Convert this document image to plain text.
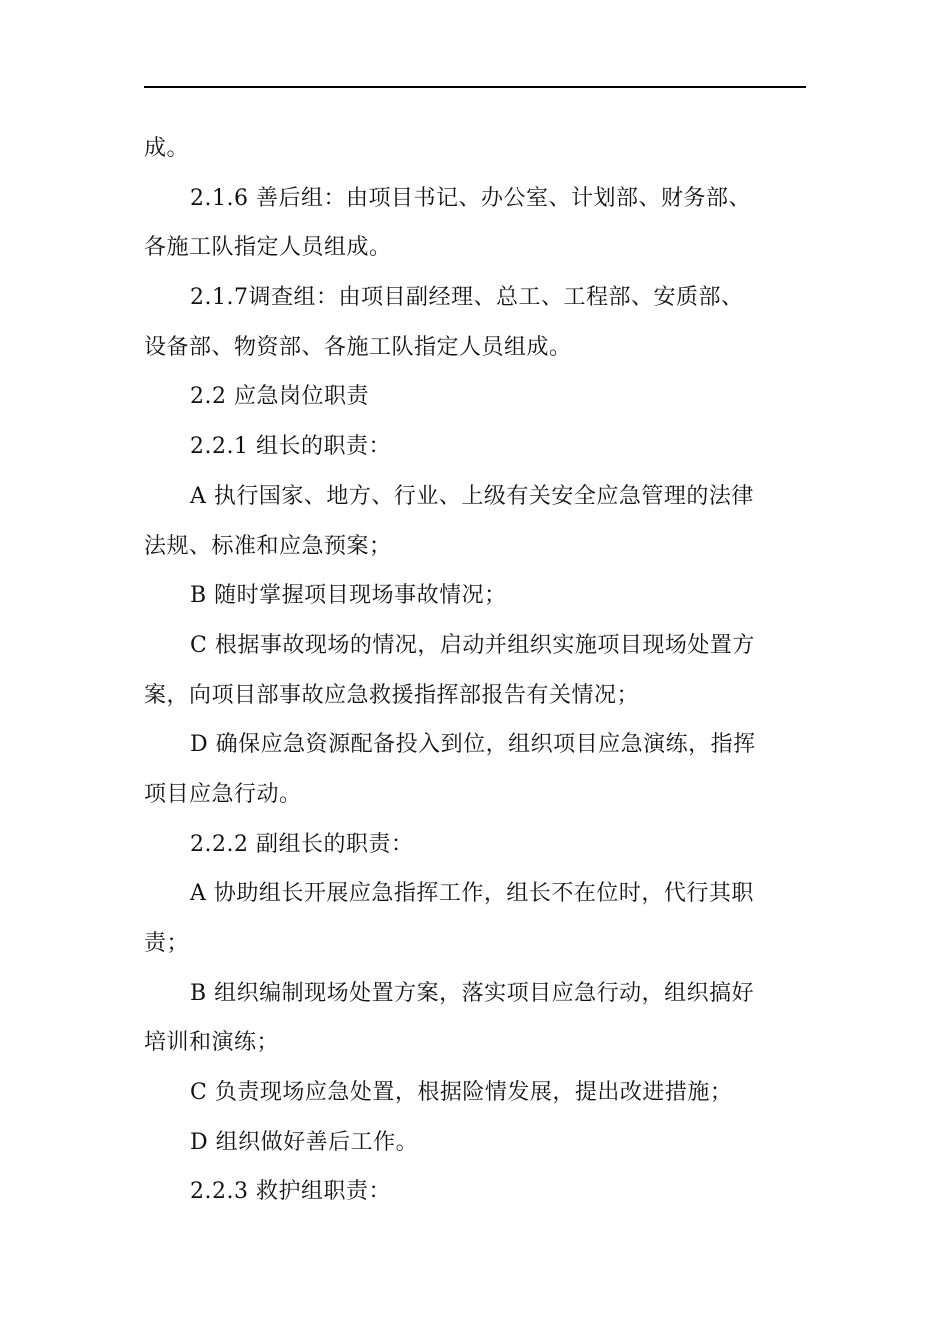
成。
2.1.6 善后组：由项目书记、办公室、计划部、财务部、
各施工队指定人员组成。
2.1.7调查组：由项目副经理、总工、工程部、安质部、
设备部、物资部、各施工队指定人员组成。
2.2 应急岗位职责
2.2.1 组长的职责：
A 执行国家、地方、行业、上级有关安全应急管理的法律
法规、标准和应急预案；
B 随时掌握项目现场事故情况；
C 根据事故现场的情况，启动并组织实施项目现场处置方
案，向项目部事故应急救援指挥部报告有关情况；
D 确保应急资源配备投入到位，组织项目应急演练，指挥
项目应急行动。
2.2.2 副组长的职责：
A 协助组长开展应急指挥工作，组长不在位时，代行其职
责；
B 组织编制现场处置方案，落实项目应急行动，组织搞好
培训和演练；
C 负责现场应急处置，根据险情发展，提出改进措施；
D 组织做好善后工作。
2.2.3 救护组职责：
